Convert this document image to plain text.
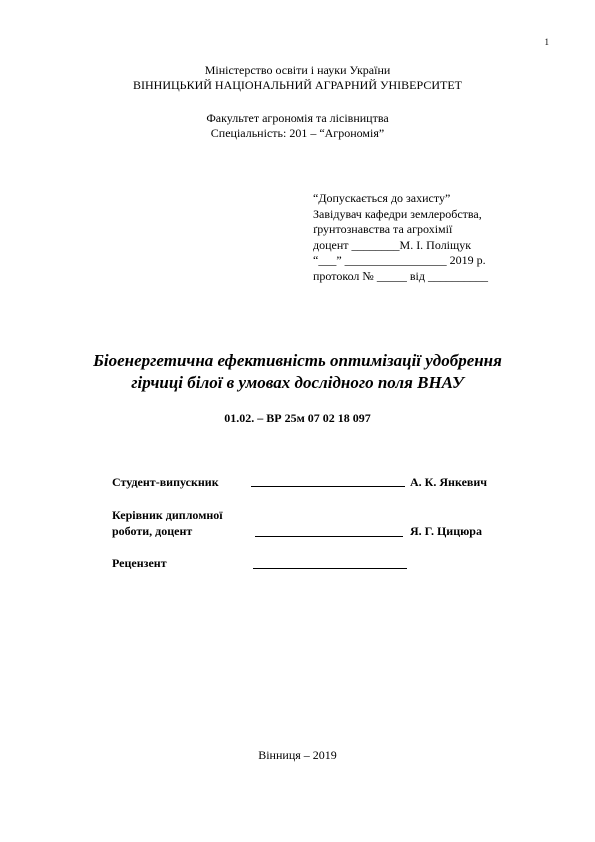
1
Міністерство освіти і науки України
ВІННИЦЬКИЙ НАЦІОНАЛЬНИЙ АГРАРНИЙ УНІВЕРСИТЕТ
Факультет агрономія та лісівництва
Спеціальність: 201 – “Агрономія”
“Допускається до захисту”
Завідувач кафедри землеробства,
ґрунтознавства та агрохімії
доцент ________М. І. Поліщук
“___” _________________ 2019 р.
протокол № _____ від __________
Біоенергетична ефективність оптимізації удобрення
гірчиці білої в умовах дослідного поля ВНАУ
01.02. – ВР 25м 07 02 18 097
Студент-випускник	А. К. Янкевич
Керівник дипломної
роботи, доцент	Я. Г. Цицюра
Рецензент
Вінниця – 2019
